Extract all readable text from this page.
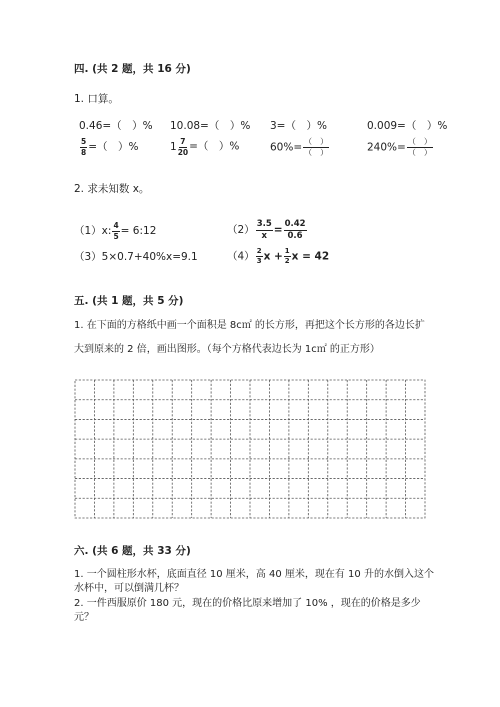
四. (共 2 题，共 16 分)
1. 口算。
0.46=（　）% 10.08=（　）% 3=（　）%	0.009=（　）%
$\frac{5}{8}$ =（　）%	$1 \frac{7}{20}$ =（　）%	$60\%= \frac{( )}{( )}$	$240\%= \frac{( )}{( )}$
2. 求未知数 x。
（1）x: $\frac{4}{5}$ = 6:12	$(2) \frac{3.5}{x} = \frac{0.42}{0.6}$
（3）5×0.7+40%x=9.1	$(4) \frac{2}{3}$ $x + \frac{1}{2}$ x = 42
五. (共 1 题，共 5 分)
1. 在下面的方格纸中画一个面积是 8c㎡ 的长方形，再把这个长方形的各边长扩
大到原来的 2 倍，画出图形。（每个方格代表边长为 1c㎡ 的正方形）
六. (共 6 题，共 33 分)
1. 一个圆柱形水杯，底面直径 10 厘米，高 40 厘米，现在有 10 升的水倒入这个
水杯中，可以倒满几杯？
2. 一件西服原价 180 元，现在的价格比原来增加了 10% ，现在的价格是多少
元？
